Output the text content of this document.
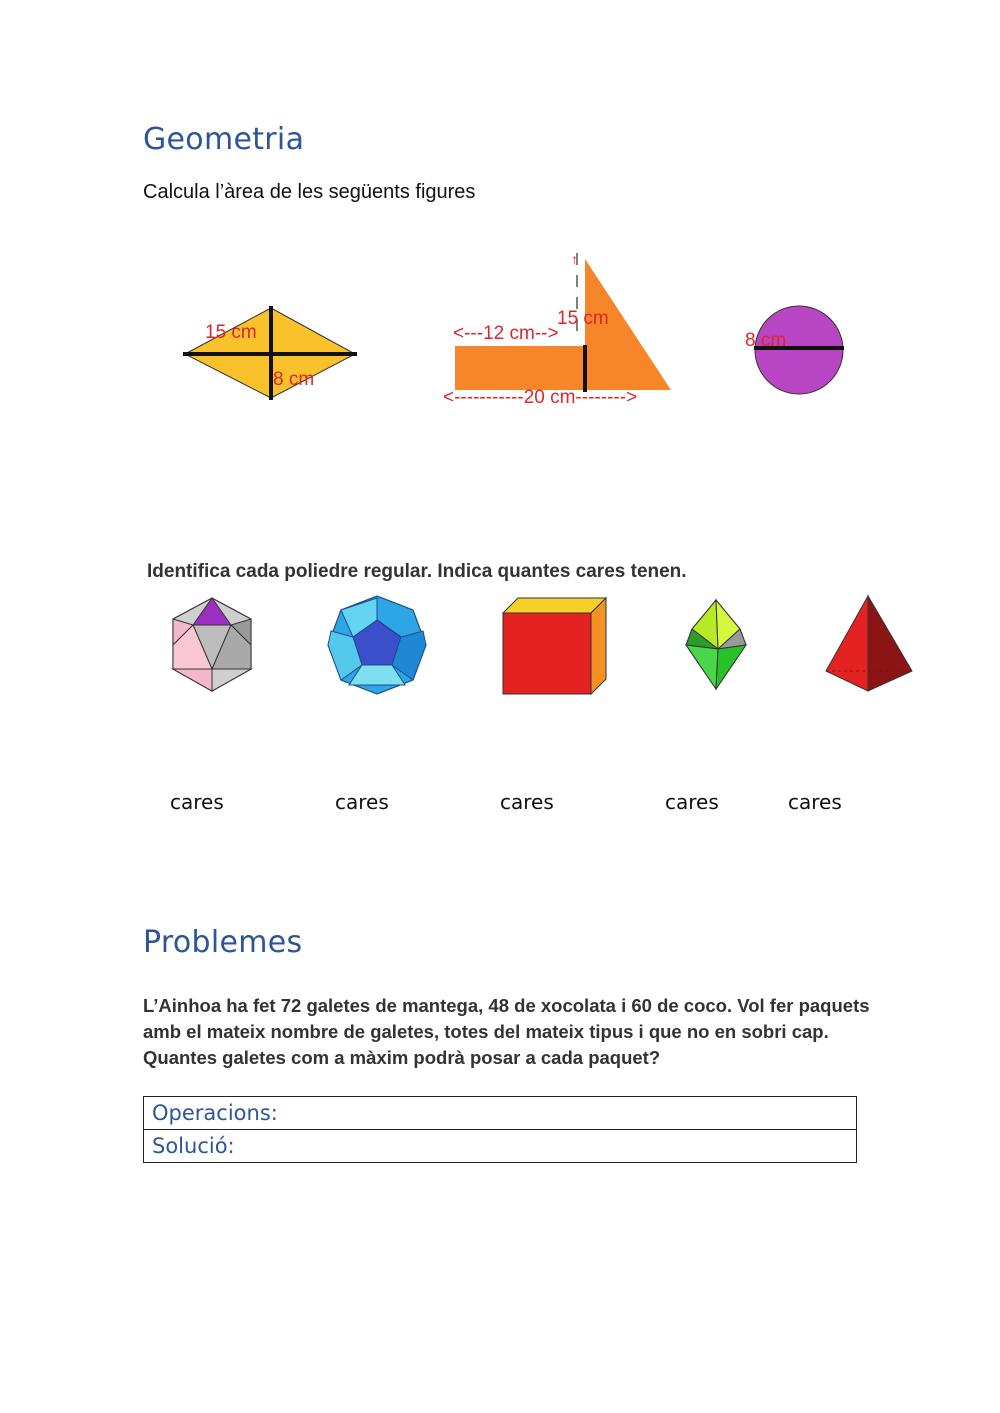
Geometria
Calcula l’àrea de les següents figures
15 cm
8 cm
↑
<---12 cm-->
15 cm
<-----------20 cm-------->
8 cm
Identifica cada poliedre regular. Indica quantes cares tenen.
cares	cares	cares	cares	cares
Problemes

L’Ainhoa ha fet 72 galetes de mantega, 48 de xocolata i 60 de coco. Vol fer paquets

amb el mateix nombre de galetes, totes del mateix tipus i que no en sobri cap.

Quantes galetes com a màxim podrà posar a cada paquet?

Operacions:
Solució:
